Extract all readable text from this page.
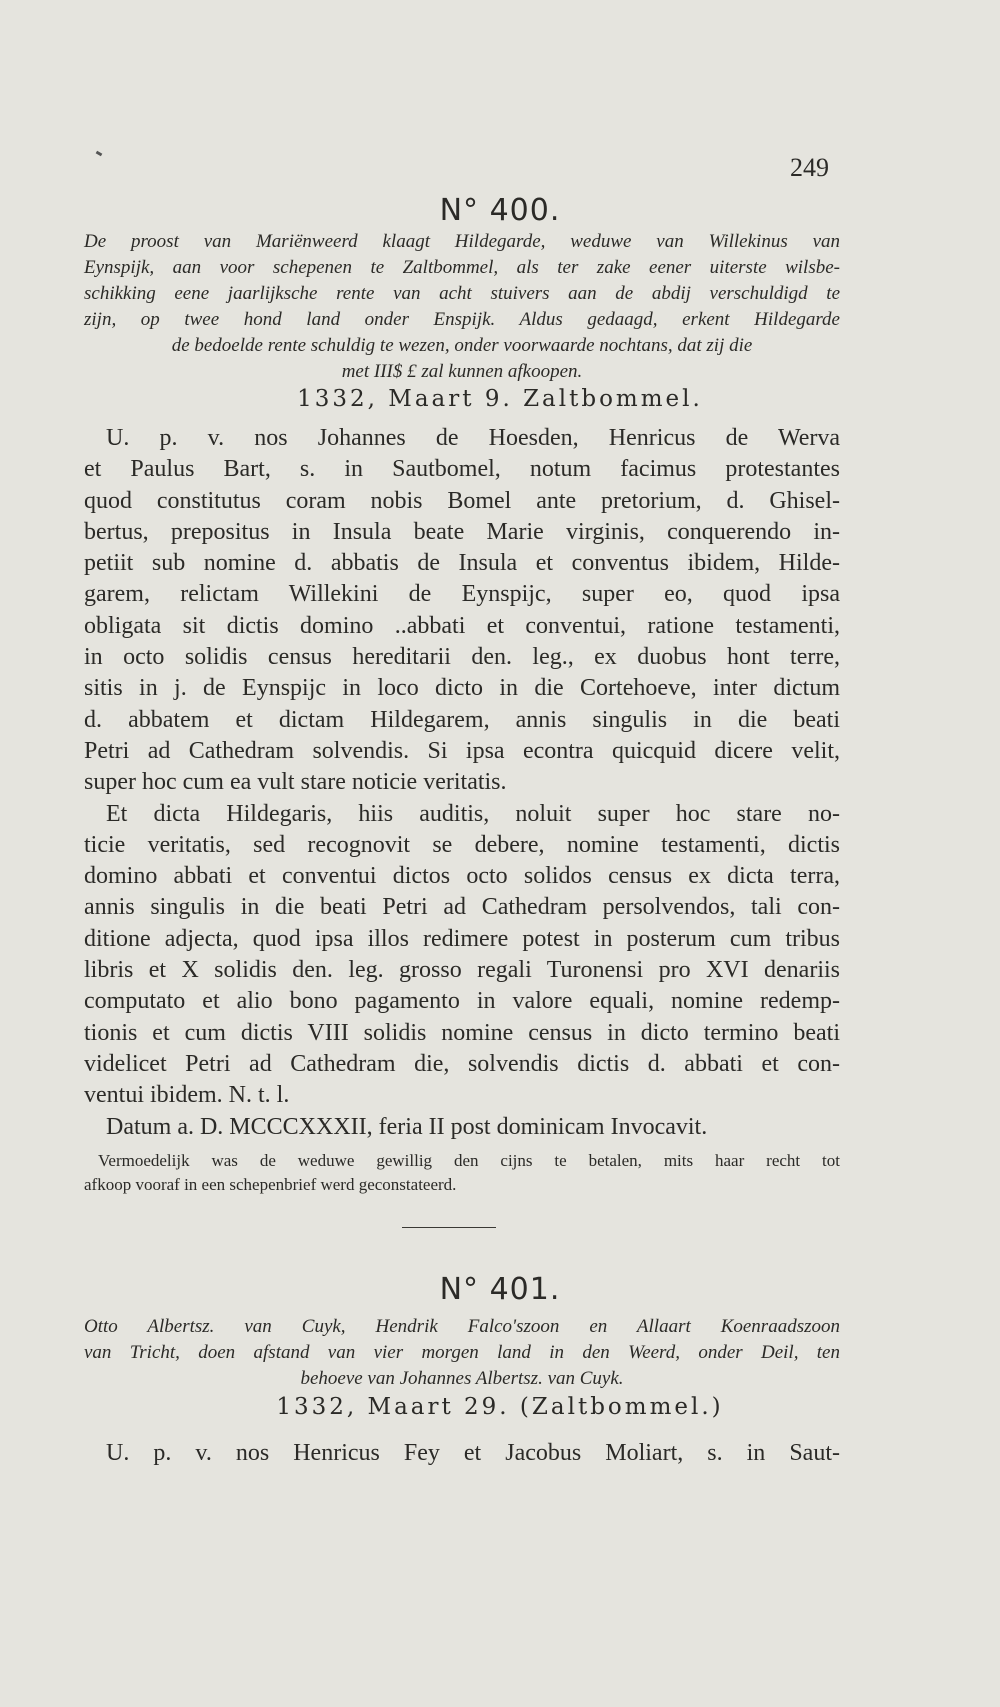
249
N° 400.
De proost van Mariënweerd klaagt Hildegarde, weduwe van Willekinus van
Eynspijk, aan voor schepenen te Zaltbommel, als ter zake eener uiterste wilsbe-
schikking eene jaarlijksche rente van acht stuivers aan de abdij verschuldigd te
zijn, op twee hond land onder Enspijk. Aldus gedaagd, erkent Hildegarde
de bedoelde rente schuldig te wezen, onder voorwaarde nochtans, dat zij die
met III$ £ zal kunnen afkoopen.
1332, Maart 9. Zaltbommel.
U. p. v. nos Johannes de Hoesden, Henricus de Werva
et Paulus Bart, s. in Sautbomel, notum facimus protestantes
quod constitutus coram nobis Bomel ante pretorium, d. Ghisel-
bertus, prepositus in Insula beate Marie virginis, conquerendo in-
petiit sub nomine d. abbatis de Insula et conventus ibidem, Hilde-
garem, relictam Willekini de Eynspijc, super eo, quod ipsa
obligata sit dictis domino ..abbati et conventui, ratione testamenti,
in octo solidis census hereditarii den. leg., ex duobus hont terre,
sitis in j. de Eynspijc in loco dicto in die Cortehoeve, inter dictum
d. abbatem et dictam Hildegarem, annis singulis in die beati
Petri ad Cathedram solvendis. Si ipsa econtra quicquid dicere velit,
super hoc cum ea vult stare noticie veritatis.
Et dicta Hildegaris, hiis auditis, noluit super hoc stare no-
ticie veritatis, sed recognovit se debere, nomine testamenti, dictis
domino abbati et conventui dictos octo solidos census ex dicta terra,
annis singulis in die beati Petri ad Cathedram persolvendos, tali con-
ditione adjecta, quod ipsa illos redimere potest in posterum cum tribus
libris et X solidis den. leg. grosso regali Turonensi pro XVI denariis
computato et alio bono pagamento in valore equali, nomine redemp-
tionis et cum dictis VIII solidis nomine census in dicto termino beati
videlicet Petri ad Cathedram die, solvendis dictis d. abbati et con-
ventui ibidem. N. t. l.
Datum a. D. MCCCXXXII, feria II post dominicam Invocavit.
Vermoedelijk was de weduwe gewillig den cijns te betalen, mits haar recht tot
afkoop vooraf in een schepenbrief werd geconstateerd.
N° 401.
Otto Albertsz. van Cuyk, Hendrik Falco'szoon en Allaart Koenraadszoon
van Tricht, doen afstand van vier morgen land in den Weerd, onder Deil, ten
behoeve van Johannes Albertsz. van Cuyk.
1332, Maart 29. (Zaltbommel.)
U. p. v. nos Henricus Fey et Jacobus Moliart, s. in Saut-
